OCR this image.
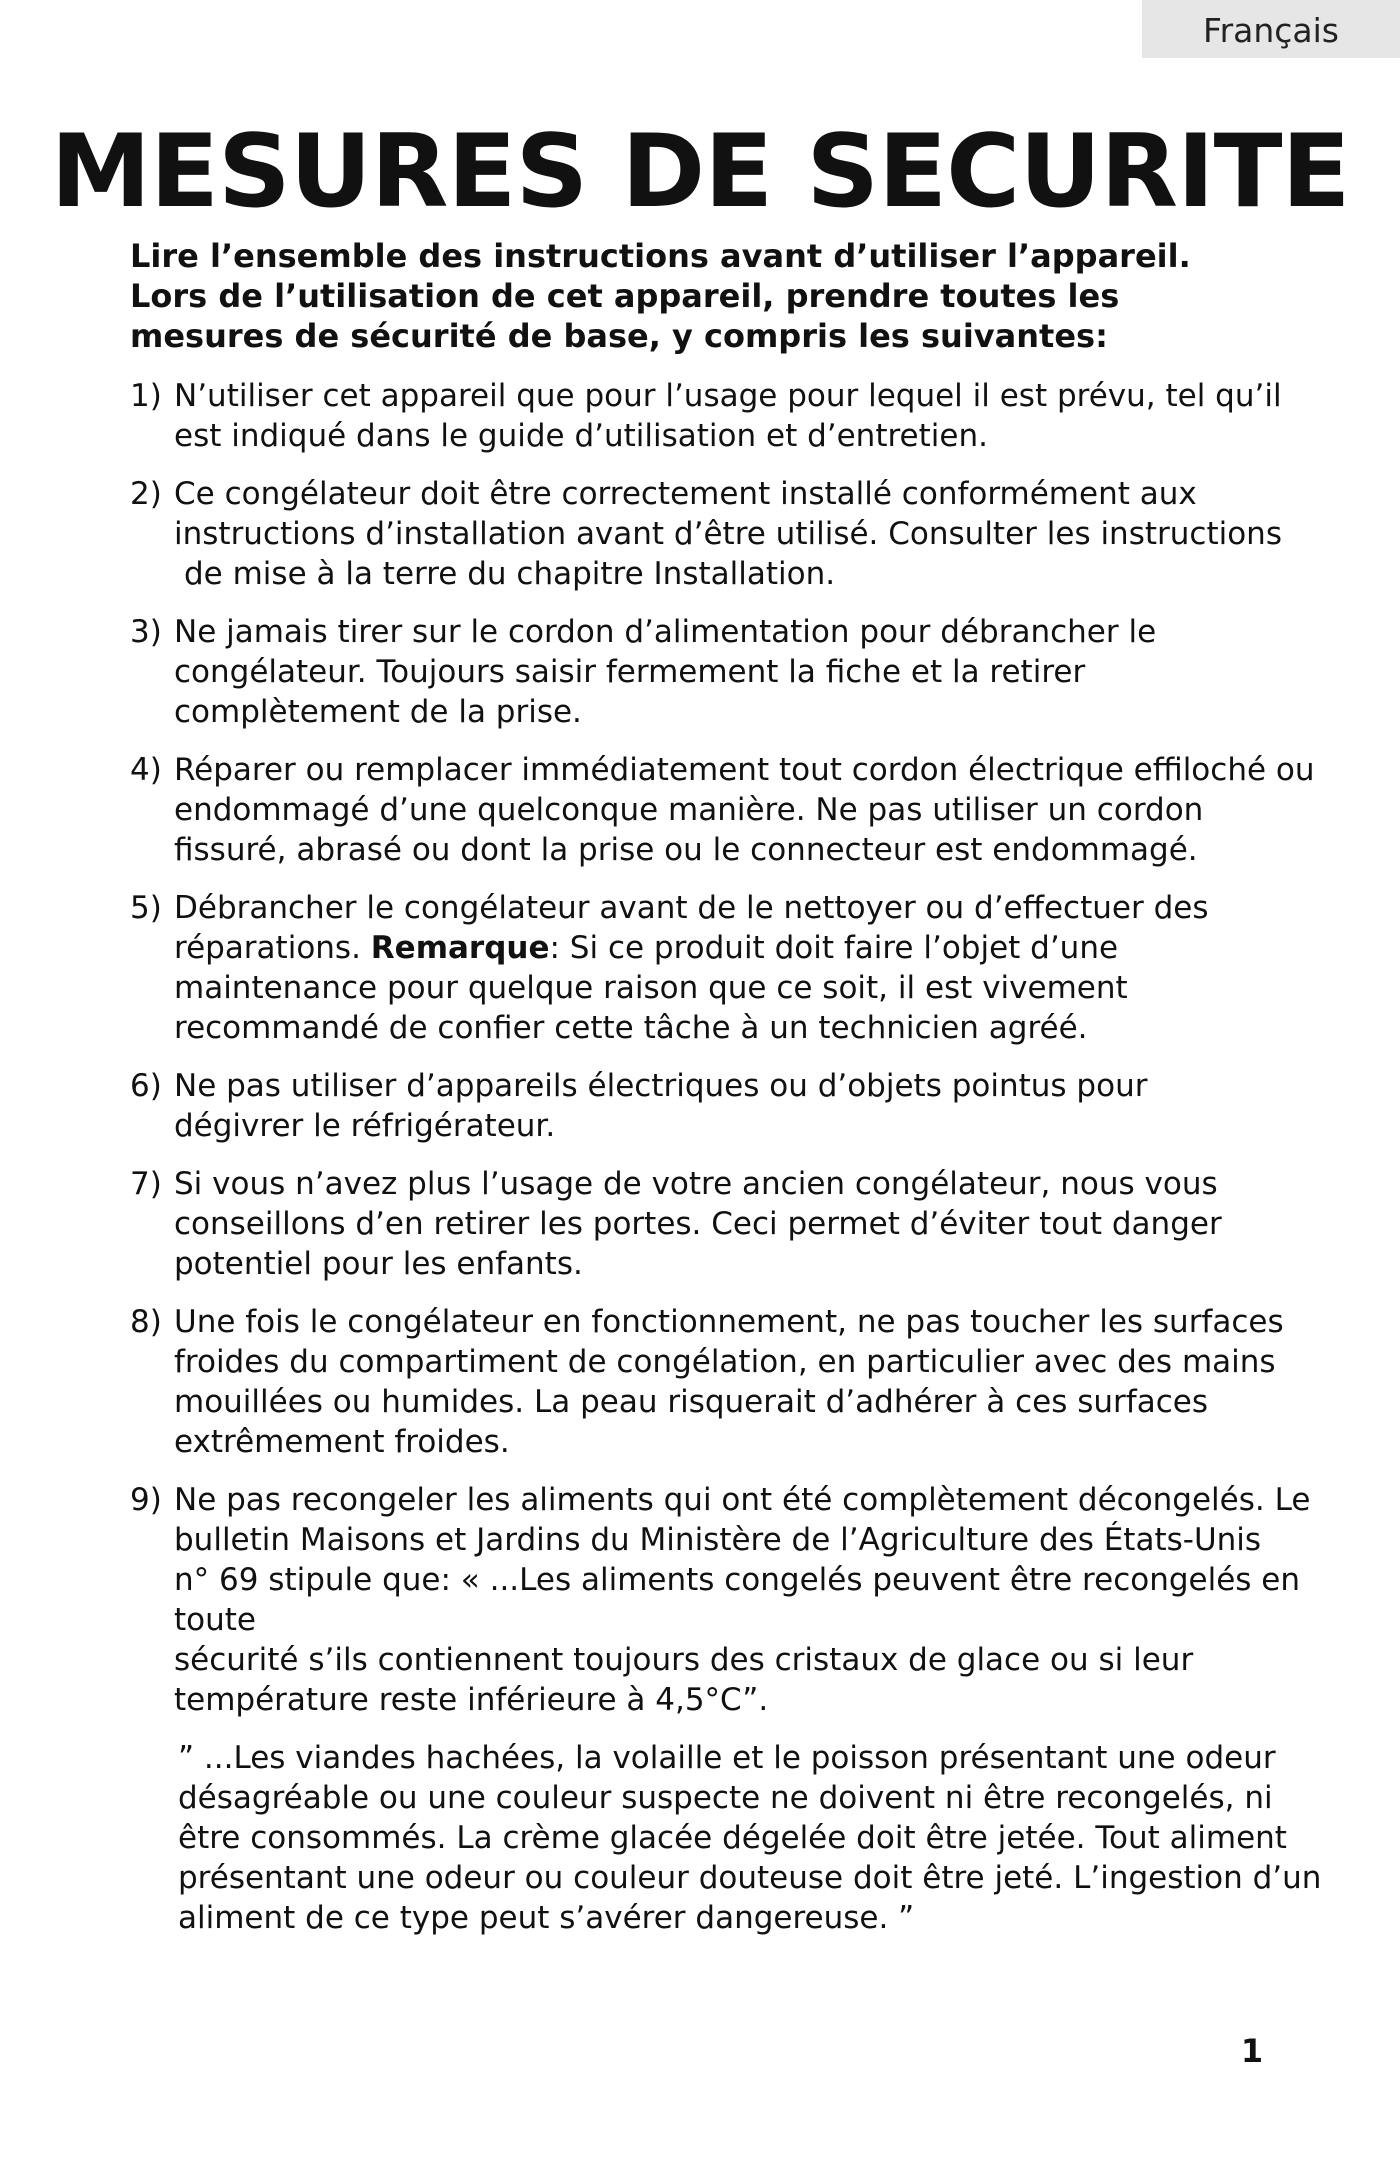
Français
MESURES DE SECURITE
Lire l’ensemble des instructions avant d’utiliser l’appareil.
Lors de l’utilisation de cet appareil, prendre toutes les
mesures de sécurité de base, y compris les suivantes:
1) N’utiliser cet appareil que pour l’usage pour lequel il est prévu, tel qu’il
est indiqué dans le guide d’utilisation et d’entretien.
2) Ce congélateur doit être correctement installé conformément aux
instructions d’installation avant d’être utilisé. Consulter les instructions
de mise à la terre du chapitre Installation.
3) Ne jamais tirer sur le cordon d’alimentation pour débrancher le
congélateur. Toujours saisir fermement la fiche et la retirer
complètement de la prise.
4) Réparer ou remplacer immédiatement tout cordon électrique effiloché ou
endommagé d’une quelconque manière. Ne pas utiliser un cordon
fissuré, abrasé ou dont la prise ou le connecteur est endommagé.
5) Débrancher le congélateur avant de le nettoyer ou d’effectuer des
réparations. Remarque: Si ce produit doit faire l’objet d’une
maintenance pour quelque raison que ce soit, il est vivement
recommandé de confier cette tâche à un technicien agréé.
6) Ne pas utiliser d’appareils électriques ou d’objets pointus pour
dégivrer le réfrigérateur.
7) Si vous n’avez plus l’usage de votre ancien congélateur, nous vous
conseillons d’en retirer les portes. Ceci permet d’éviter tout danger
potentiel pour les enfants.
8) Une fois le congélateur en fonctionnement, ne pas toucher les surfaces
froides du compartiment de congélation, en particulier avec des mains
mouillées ou humides. La peau risquerait d’adhérer à ces surfaces
extrêmement froides.
9) Ne pas recongeler les aliments qui ont été complètement décongelés. Le
bulletin Maisons et Jardins du Ministère de l’Agriculture des États-Unis
n° 69 stipule que: « ...Les aliments congelés peuvent être recongelés en
toute
sécurité s’ils contiennent toujours des cristaux de glace ou si leur
température reste inférieure à 4,5°C”.
” ...Les viandes hachées, la volaille et le poisson présentant une odeur
désagréable ou une couleur suspecte ne doivent ni être recongelés, ni
être consommés. La crème glacée dégelée doit être jetée. Tout aliment
présentant une odeur ou couleur douteuse doit être jeté. L’ingestion d’un
aliment de ce type peut s’avérer dangereuse. ”
1
